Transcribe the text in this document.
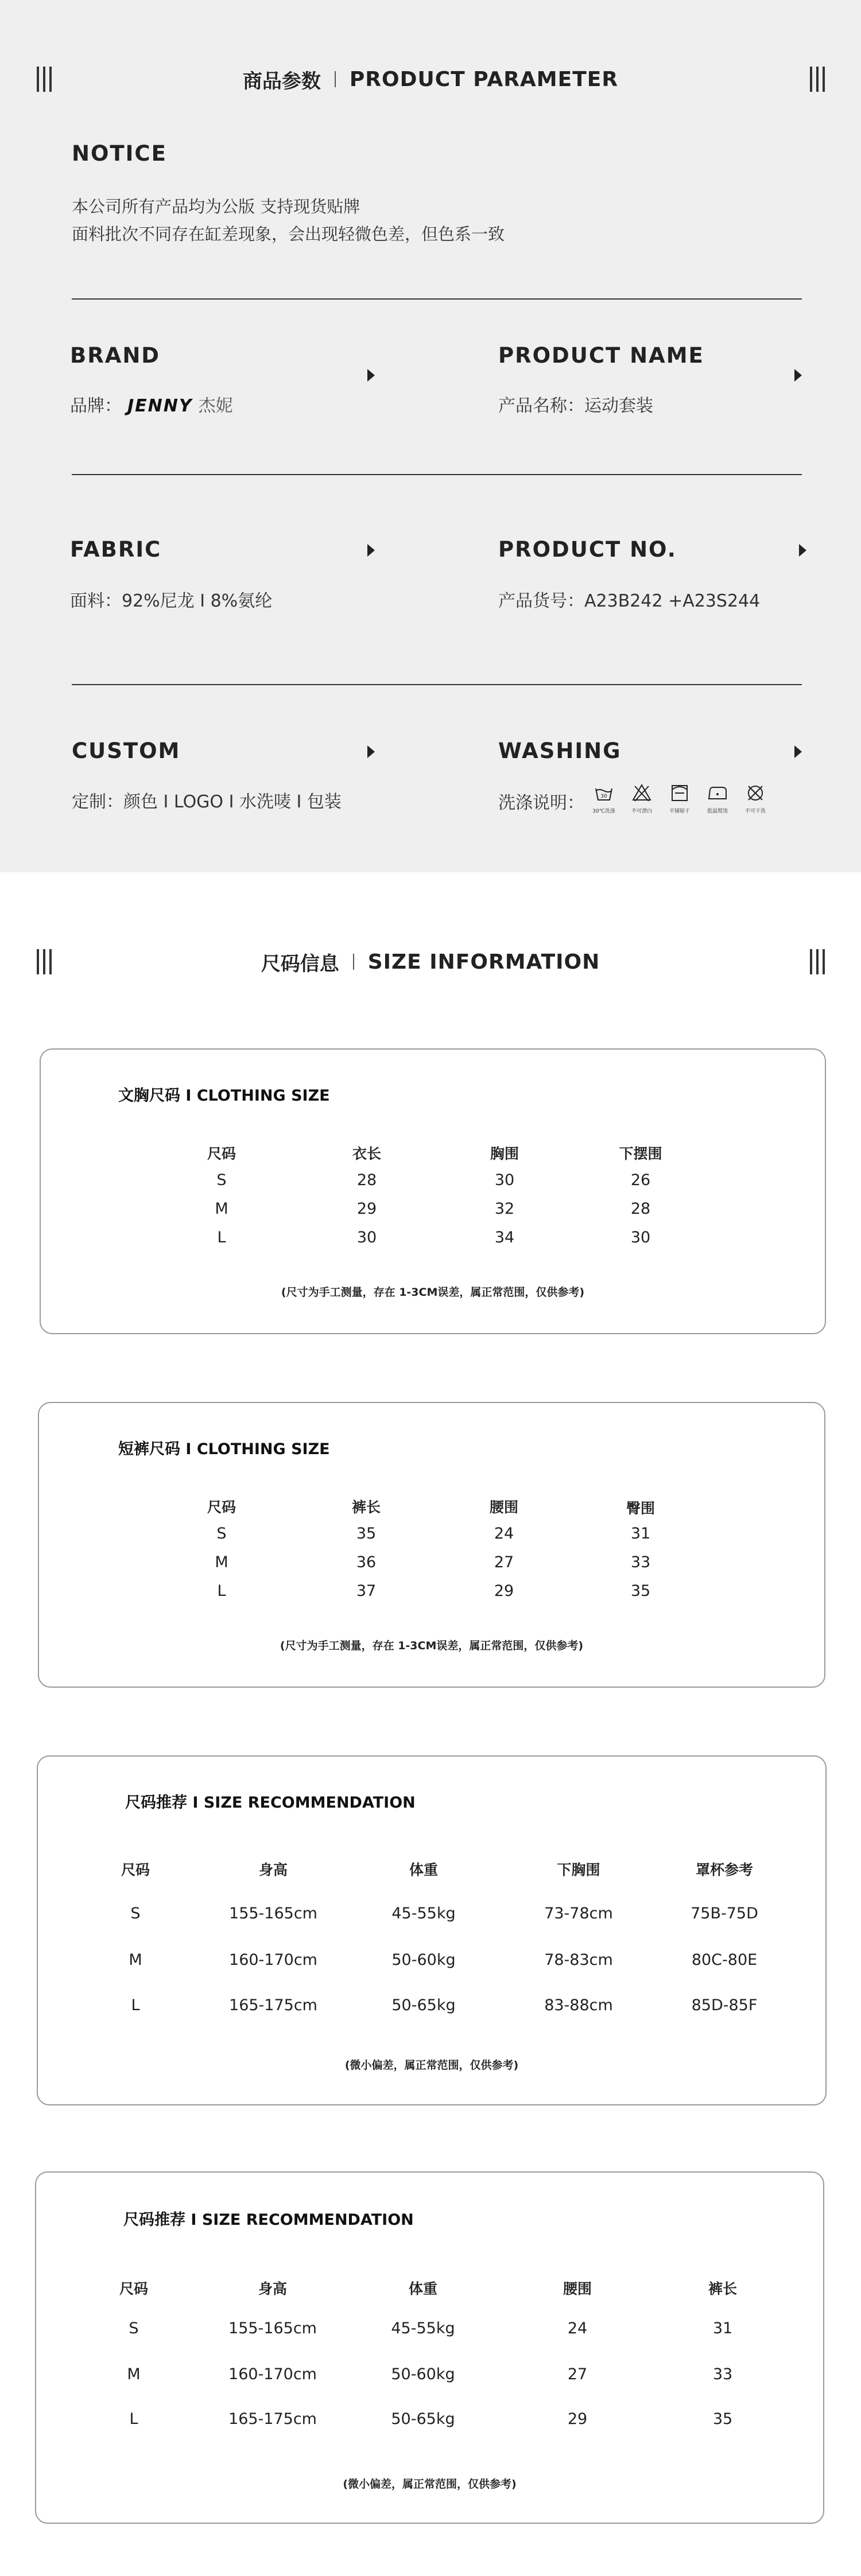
商品参数 PRODUCT PARAMETER
NOTICE
本公司所有产品均为公版 支持现货贴牌
面料批次不同存在缸差现象，会出现轻微色差，但色系一致
BRAND
品牌： JENNY 杰妮
PRODUCT NAME
产品名称：运动套装
FABRIC
面料：92%尼龙 I 8%氨纶
PRODUCT NO.
产品货号：A23B242 +A23S244
CUSTOM
定制：颜色 I LOGO I 水洗唛 I 包装
WASHING
洗涤说明：	30
30℃洗涤	不可漂白	平铺晾干	低温熨烫	不可干洗
尺码信息 SIZE INFORMATION
文胸尺码 I CLOTHING SIZE
尺码	衣长	胸围	下摆围
S	28	30	26
M	29	32	28
L	30	34	30
(尺寸为手工测量，存在 1-3CM误差，属正常范围，仅供参考)
短裤尺码 I CLOTHING SIZE
尺码	裤长	腰围	臀围
S	35	24	31
M	36	27	33
L	37	29	35
(尺寸为手工测量，存在 1-3CM误差，属正常范围，仅供参考)
尺码推荐 I SIZE RECOMMENDATION
尺码	身高	体重	下胸围	罩杯参考
S	155-165cm	45-55kg	73-78cm	75B-75D
M	160-170cm	50-60kg	78-83cm	80C-80E
L	165-175cm	50-65kg	83-88cm	85D-85F
(微小偏差，属正常范围，仅供参考)
尺码推荐 I SIZE RECOMMENDATION
尺码	身高	体重	腰围	裤长
S	155-165cm	45-55kg	24	31
M	160-170cm	50-60kg	27	33
L	165-175cm	50-65kg	29	35
(微小偏差，属正常范围，仅供参考)
